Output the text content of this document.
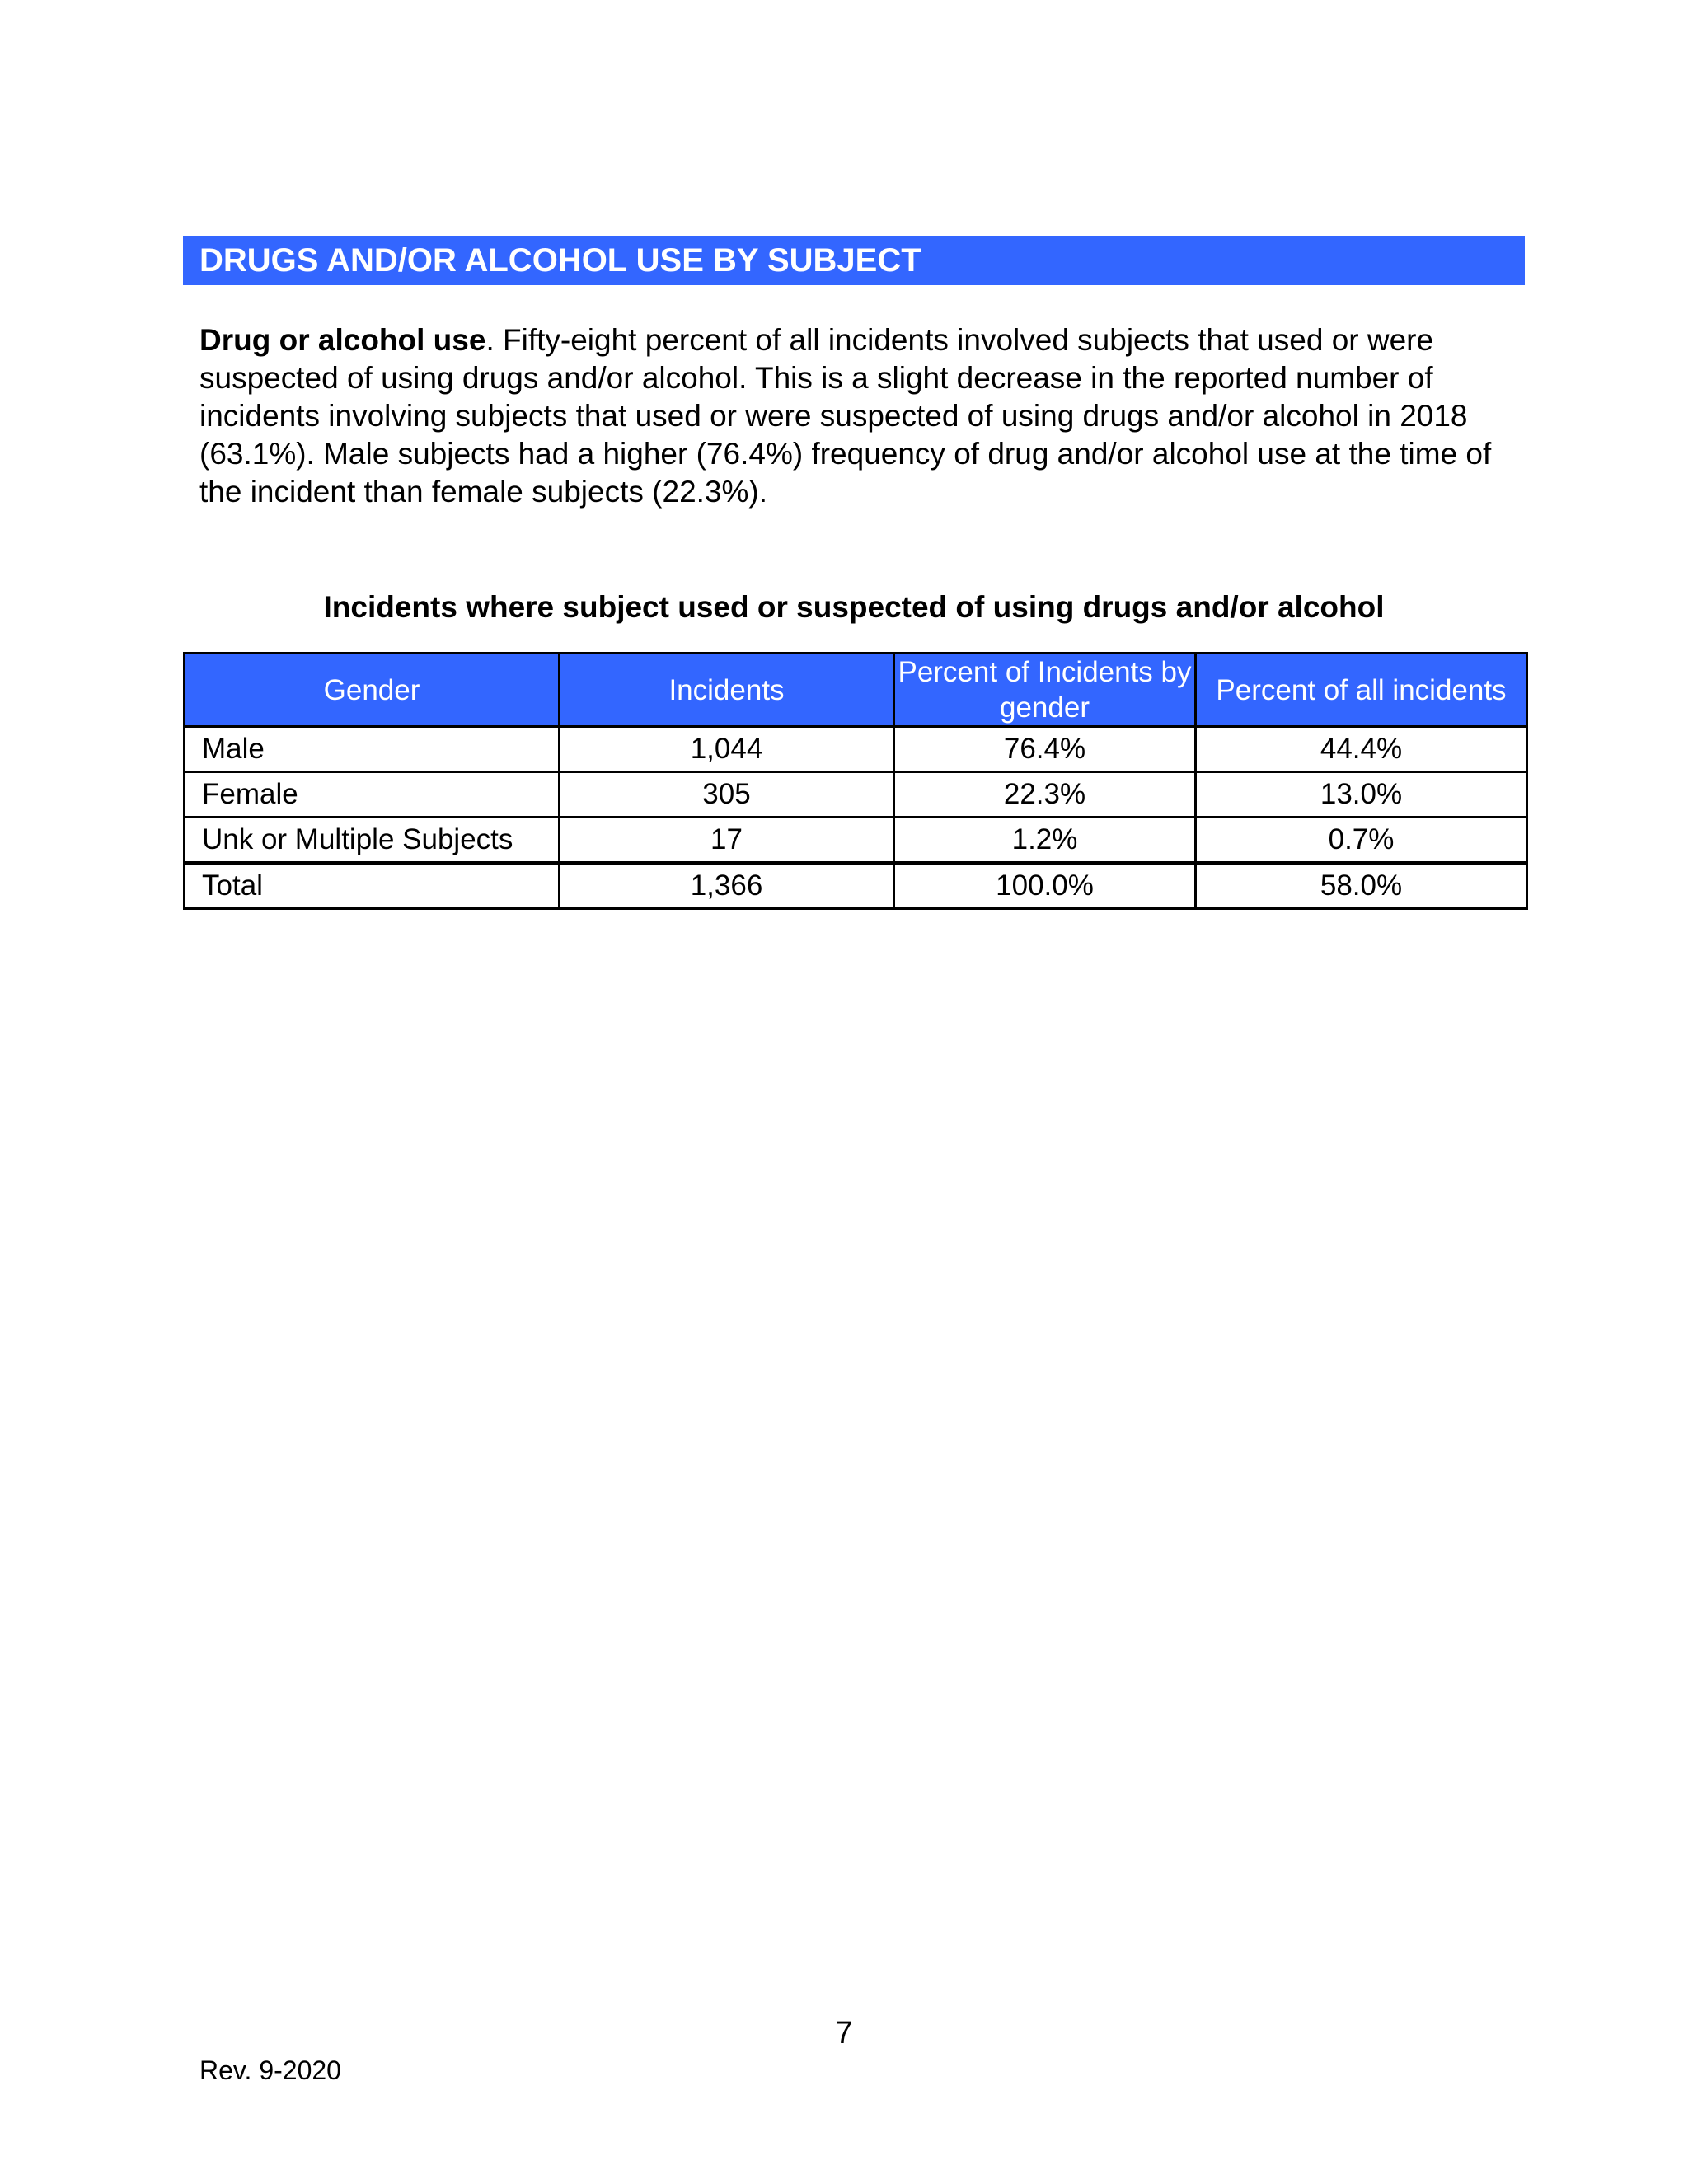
DRUGS AND/OR ALCOHOL USE BY SUBJECT

Drug or alcohol use. Fifty-eight percent of all incidents involved subjects that used or were suspected of using drugs and/or alcohol. This is a slight decrease in the reported number of incidents involving subjects that used or were suspected of using drugs and/or alcohol in 2018 (63.1%). Male subjects had a higher (76.4%) frequency of drug and/or alcohol use at the time of the incident than female subjects (22.3%).

Incidents where subject used or suspected of using drugs and/or alcohol
Gender	Incidents	Percent of Incidents by gender	Percent of all incidents
Male	1,044	76.4%	44.4%
Female	305	22.3%	13.0%
Unk or Multiple Subjects	17	1.2%	0.7%
Total	1,366	100.0%	58.0%
7
Rev. 9-2020
